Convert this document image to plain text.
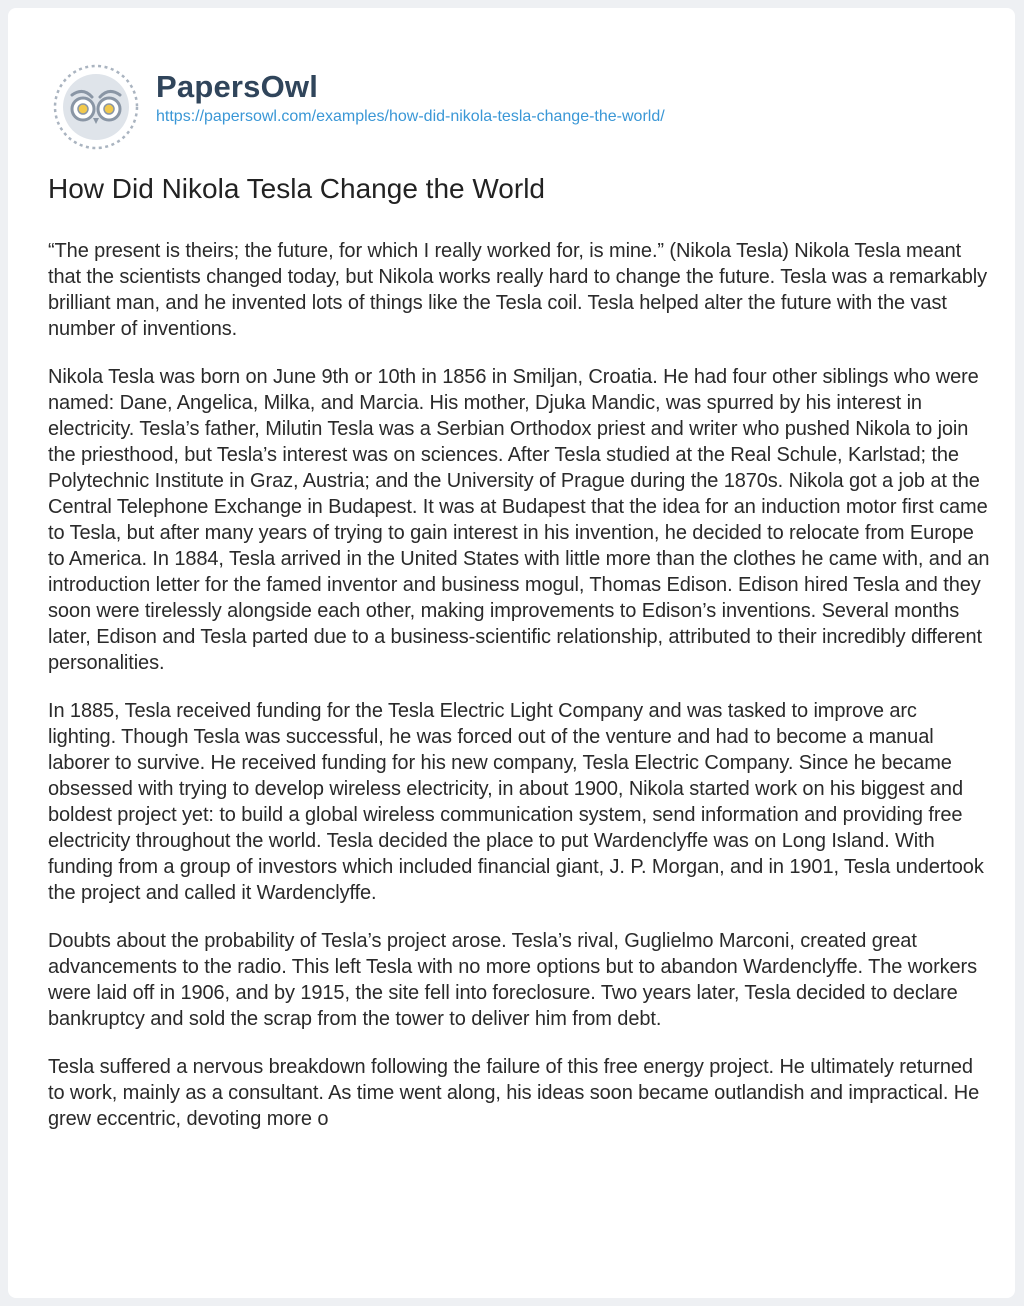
PapersOwl
https://papersowl.com/examples/how-did-nikola-tesla-change-the-world/
How Did Nikola Tesla Change the World

“The present is theirs; the future, for which I really worked for, is mine.” (Nikola Tesla) Nikola Tesla meant that the scientists changed today, but Nikola works really hard to change the future. Tesla was a remarkably brilliant man, and he invented lots of things like the Tesla coil. Tesla helped alter the future with the vast number of inventions.

Nikola Tesla was born on June 9th or 10th in 1856 in Smiljan, Croatia. He had four other siblings who were named: Dane, Angelica, Milka, and Marcia. His mother, Djuka Mandic, was spurred by his interest in electricity. Tesla’s father, Milutin Tesla was a Serbian Orthodox priest and writer who pushed Nikola to join the priesthood, but Tesla’s interest was on sciences. After Tesla studied at the Real Schule, Karlstad; the Polytechnic Institute in Graz, Austria; and the University of Prague during the 1870s. Nikola got a job at the Central Telephone Exchange in Budapest. It was at Budapest that the idea for an induction motor first came to Tesla, but after many years of trying to gain interest in his invention, he decided to relocate from Europe to America. In 1884, Tesla arrived in the United States with little more than the clothes he came with, and an introduction letter for the famed inventor and business mogul, Thomas Edison. Edison hired Tesla and they soon were tirelessly alongside each other, making improvements to Edison’s inventions. Several months later, Edison and Tesla parted due to a business-scientific relationship, attributed to their incredibly different personalities.

In 1885, Tesla received funding for the Tesla Electric Light Company and was tasked to improve arc lighting. Though Tesla was successful, he was forced out of the venture and had to become a manual laborer to survive. He received funding for his new company, Tesla Electric Company. Since he became obsessed with trying to develop wireless electricity, in about 1900, Nikola started work on his biggest and boldest project yet: to build a global wireless communication system, send information and providing free electricity throughout the world. Tesla decided the place to put Wardenclyffe was on Long Island. With funding from a group of investors which included financial giant, J. P. Morgan, and in 1901, Tesla undertook the project and called it Wardenclyffe.

Doubts about the probability of Tesla’s project arose. Tesla’s rival, Guglielmo Marconi, created great advancements to the radio. This left Tesla with no more options but to abandon Wardenclyffe. The workers were laid off in 1906, and by 1915, the site fell into foreclosure. Two years later, Tesla decided to declare bankruptcy and sold the scrap from the tower to deliver him from debt.

Tesla suffered a nervous breakdown following the failure of this free energy project. He ultimately returned to work, mainly as a consultant. As time went along, his ideas soon became outlandish and impractical. He grew eccentric, devoting more o
